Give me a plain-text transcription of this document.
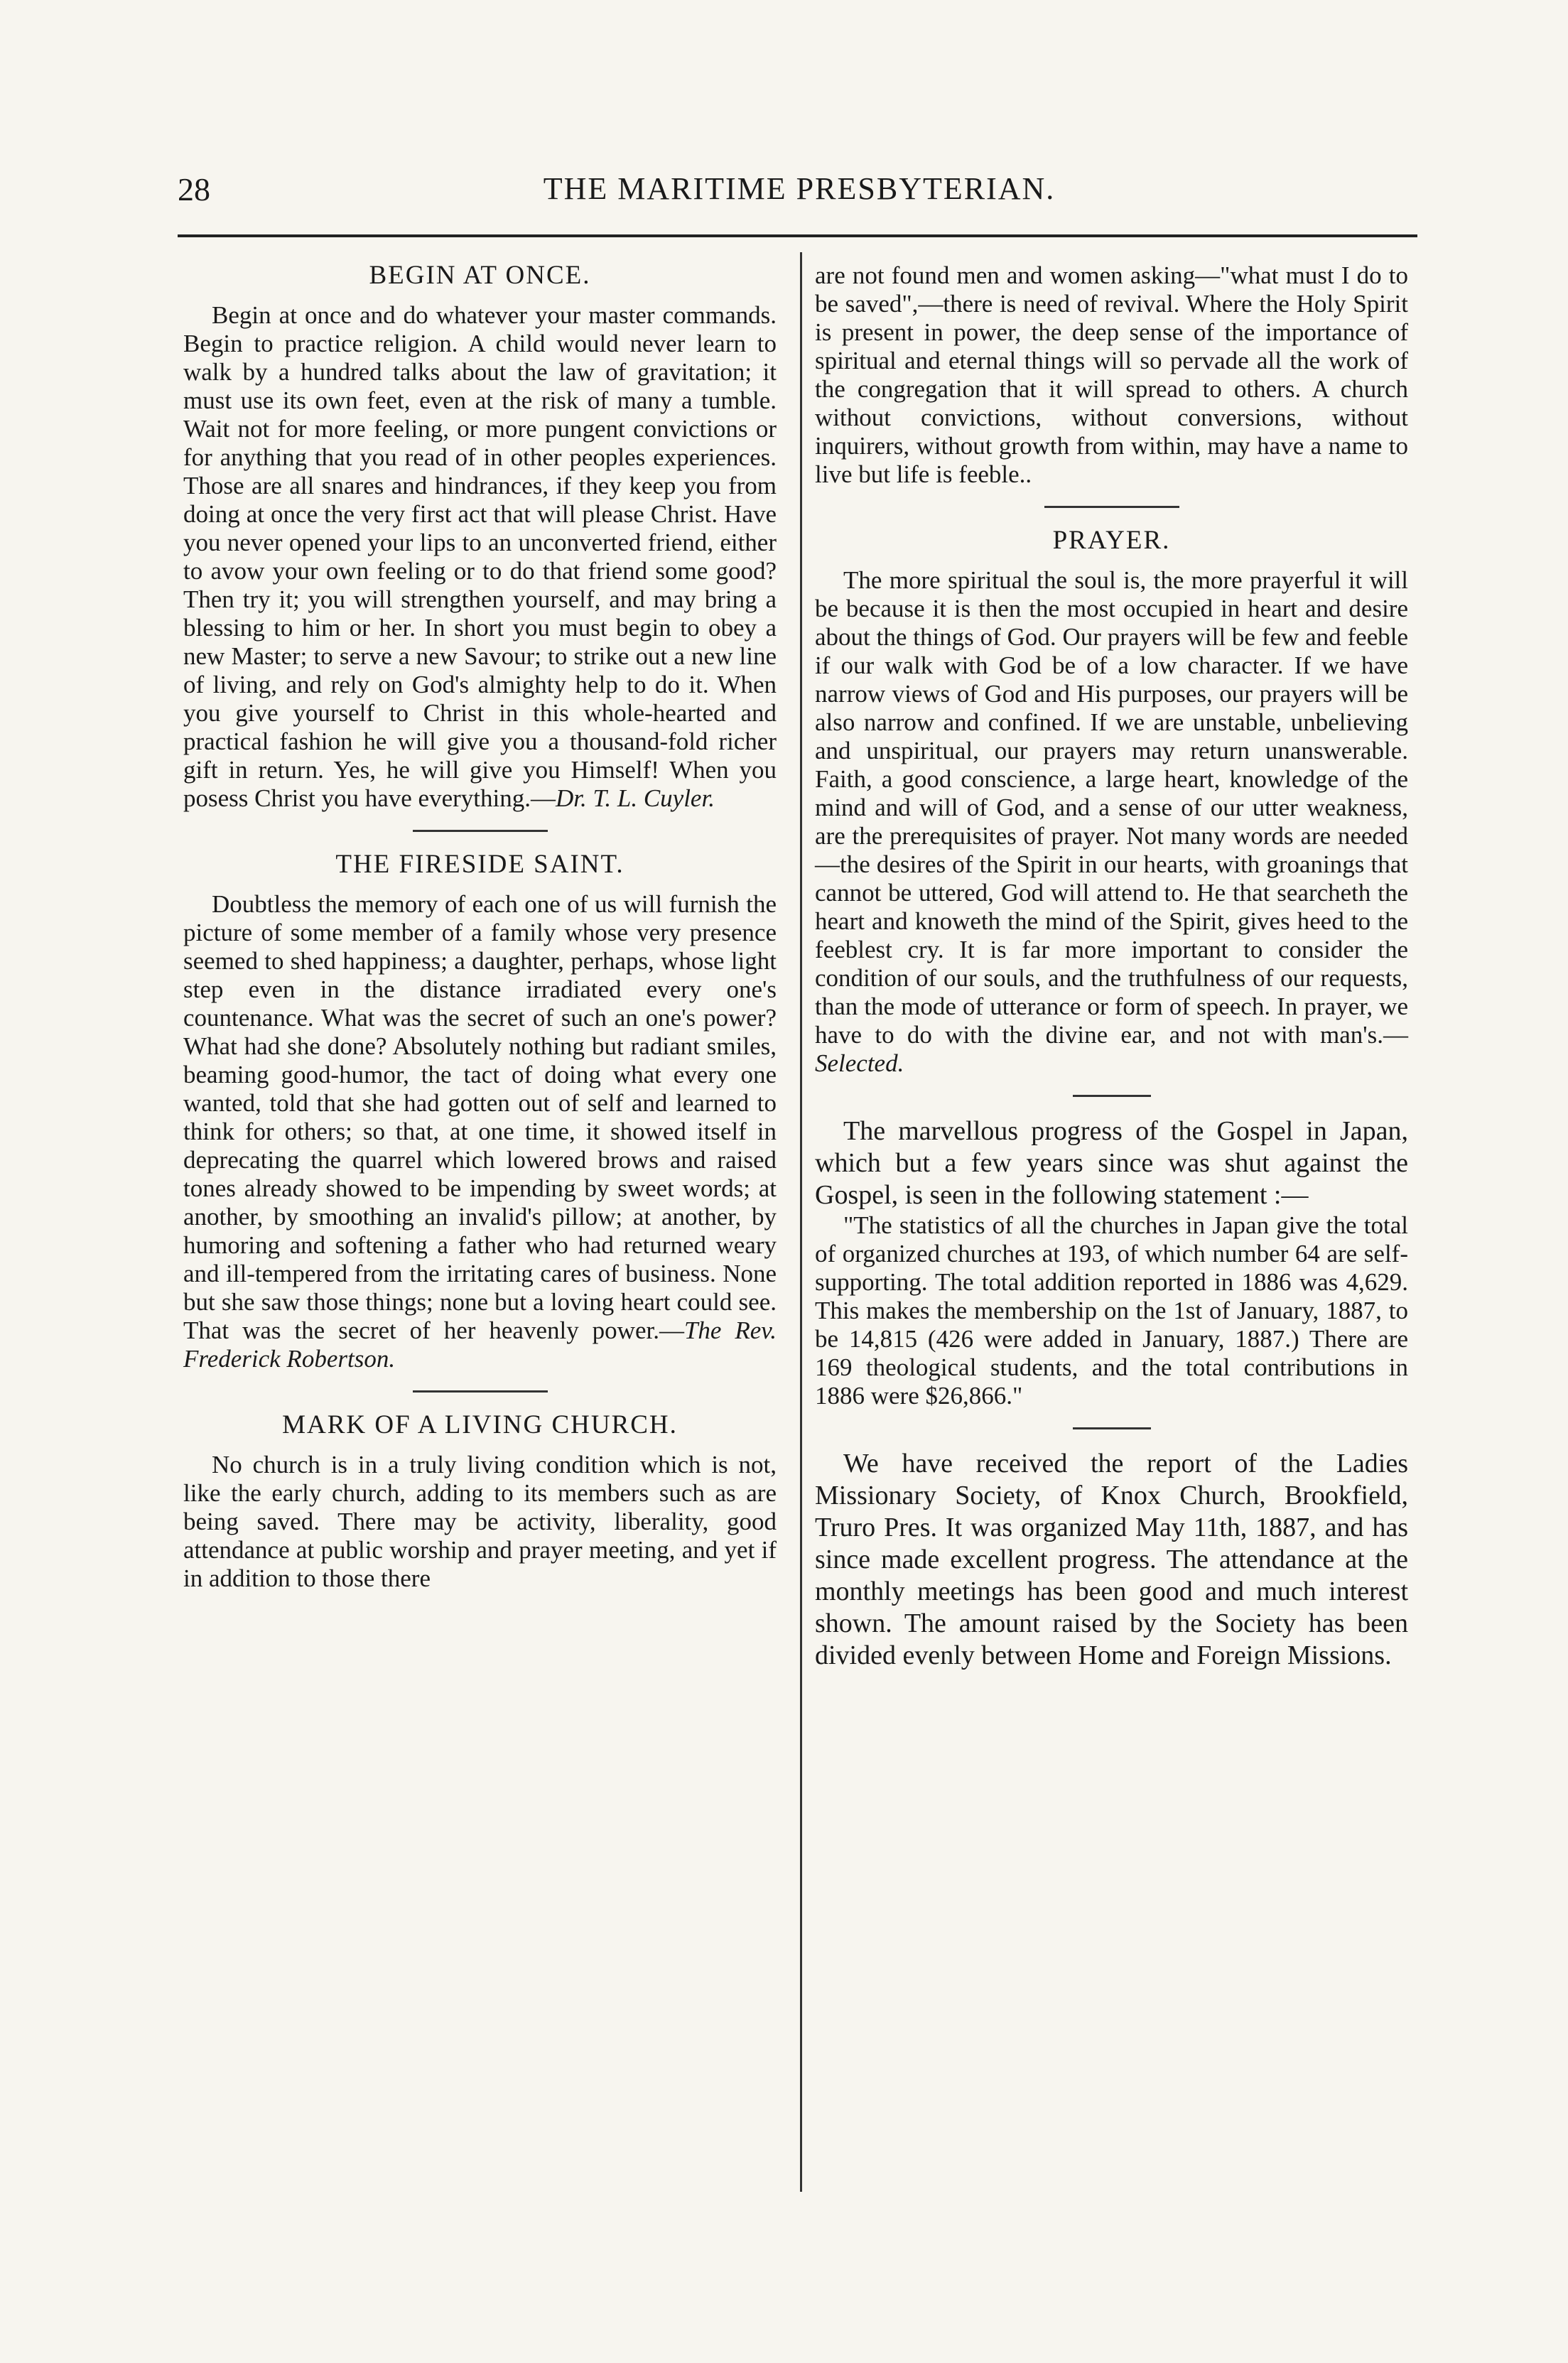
28	THE MARITIME PRESBYTERIAN.
BEGIN AT ONCE.

Begin at once and do whatever your master commands. Begin to practice religion. A child would never learn to walk by a hundred talks about the law of gravitation; it must use its own feet, even at the risk of many a tumble. Wait not for more feeling, or more pungent convictions or for anything that you read of in other peoples experiences. Those are all snares and hindrances, if they keep you from doing at once the very first act that will please Christ. Have you never opened your lips to an unconverted friend, either to avow your own feeling or to do that friend some good? Then try it; you will strengthen yourself, and may bring a blessing to him or her. In short you must begin to obey a new Master; to serve a new Savour; to strike out a new line of living, and rely on God's almighty help to do it. When you give yourself to Christ in this whole-hearted and practical fashion he will give you a thousand-fold richer gift in return. Yes, he will give you Himself! When you posess Christ you have everything.—Dr. T. L. Cuyler.

THE FIRESIDE SAINT.

Doubtless the memory of each one of us will furnish the picture of some member of a family whose very presence seemed to shed happiness; a daughter, perhaps, whose light step even in the distance irradiated every one's countenance. What was the secret of such an one's power? What had she done? Absolutely nothing but radiant smiles, beaming good-humor, the tact of doing what every one wanted, told that she had gotten out of self and learned to think for others; so that, at one time, it showed itself in deprecating the quarrel which lowered brows and raised tones already showed to be impending by sweet words; at another, by smoothing an invalid's pillow; at another, by humoring and softening a father who had returned weary and ill-tempered from the irritating cares of business. None but she saw those things; none but a loving heart could see. That was the secret of her heavenly power.—The Rev. Frederick Robertson.

MARK OF A LIVING CHURCH.

No church is in a truly living condition which is not, like the early church, adding to its members such as are being saved. There may be activity, liberality, good attendance at public worship and prayer meeting, and yet if in addition to those there

are not found men and women asking—"what must I do to be saved",—there is need of revival. Where the Holy Spirit is present in power, the deep sense of the importance of spiritual and eternal things will so pervade all the work of the congregation that it will spread to others. A church without convictions, without conversions, without inquirers, without growth from within, may have a name to live but life is feeble..

PRAYER.

The more spiritual the soul is, the more prayerful it will be because it is then the most occupied in heart and desire about the things of God. Our prayers will be few and feeble if our walk with God be of a low character. If we have narrow views of God and His purposes, our prayers will be also narrow and confined. If we are unstable, unbelieving and unspiritual, our prayers may return unanswerable. Faith, a good conscience, a large heart, knowledge of the mind and will of God, and a sense of our utter weakness, are the prerequisites of prayer. Not many words are needed—the desires of the Spirit in our hearts, with groanings that cannot be uttered, God will attend to. He that searcheth the heart and knoweth the mind of the Spirit, gives heed to the feeblest cry. It is far more important to consider the condition of our souls, and the truthfulness of our requests, than the mode of utterance or form of speech. In prayer, we have to do with the divine ear, and not with man's.—Selected.

The marvellous progress of the Gospel in Japan, which but a few years since was shut against the Gospel, is seen in the following statement :—

"The statistics of all the churches in Japan give the total of organized churches at 193, of which number 64 are self-supporting. The total addition reported in 1886 was 4,629. This makes the membership on the 1st of January, 1887, to be 14,815 (426 were added in January, 1887.) There are 169 theological students, and the total contributions in 1886 were $26,866."

We have received the report of the Ladies Missionary Society, of Knox Church, Brookfield, Truro Pres. It was organized May 11th, 1887, and has since made excellent progress. The attendance at the monthly meetings has been good and much interest shown. The amount raised by the Society has been divided evenly between Home and Foreign Missions.
